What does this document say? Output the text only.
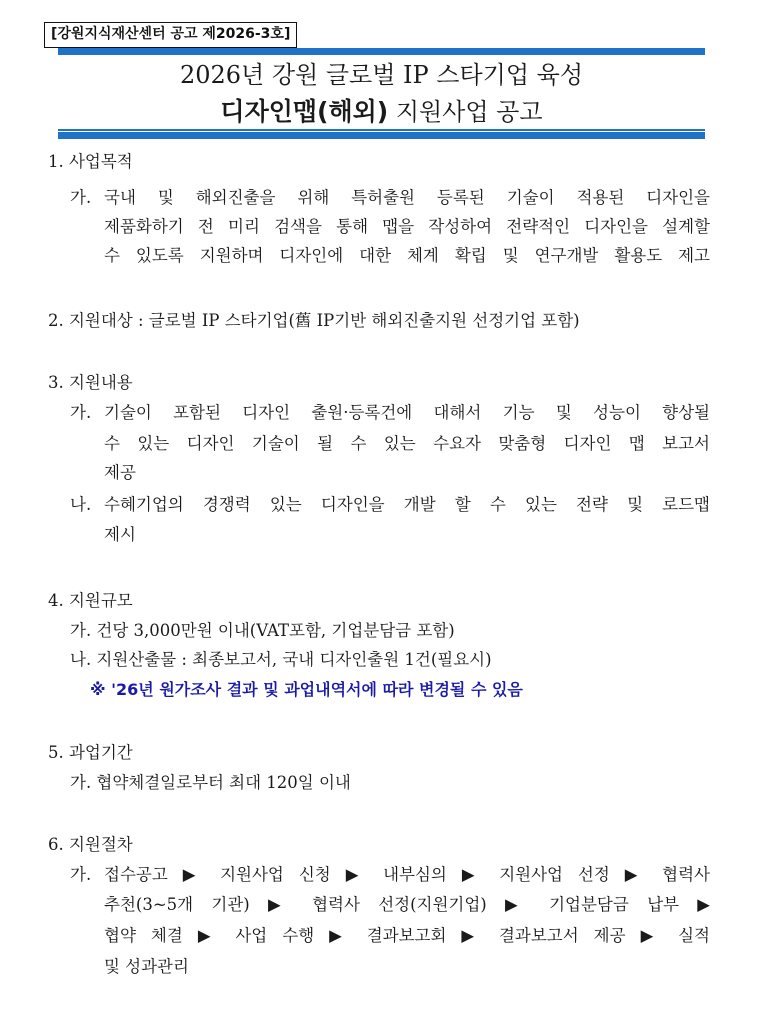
[강원지식재산센터 공고 제2026-3호]
2026년 강원 글로벌 IP 스타기업 육성
디자인맵(해외) 지원사업 공고
1. 사업목적
가. 국내 및 해외진출을 위해 특허출원 등록된 기술이 적용된 디자인을
제품화하기 전 미리 검색을 통해 맵을 작성하여 전략적인 디자인을 설계할
수 있도록 지원하며 디자인에 대한 체계 확립 및 연구개발 활용도 제고
2. 지원대상 : 글로벌 IP 스타기업(舊 IP기반 해외진출지원 선정기업 포함)
3. 지원내용
가. 기술이 포함된 디자인 출원·등록건에 대해서 기능 및 성능이 향상될
수 있는 디자인 기술이 될 수 있는 수요자 맞춤형 디자인 맵 보고서
제공
나. 수혜기업의 경쟁력 있는 디자인을 개발 할 수 있는 전략 및 로드맵
제시
4. 지원규모
가. 건당 3,000만원 이내(VAT포함, 기업분담금 포함)
나. 지원산출물 : 최종보고서, 국내 디자인출원 1건(필요시)
※ '26년 원가조사 결과 및 과업내역서에 따라 변경될 수 있음
5. 과업기간
가. 협약체결일로부터 최대 120일 이내
6. 지원절차
가. 접수공고 ▶ 지원사업 신청 ▶ 내부심의 ▶ 지원사업 선정 ▶ 협력사
추천(3~5개 기관) ▶ 협력사 선정(지원기업) ▶ 기업분담금 납부 ▶
협약 체결 ▶ 사업 수행 ▶ 결과보고회 ▶ 결과보고서 제공 ▶ 실적
및 성과관리
